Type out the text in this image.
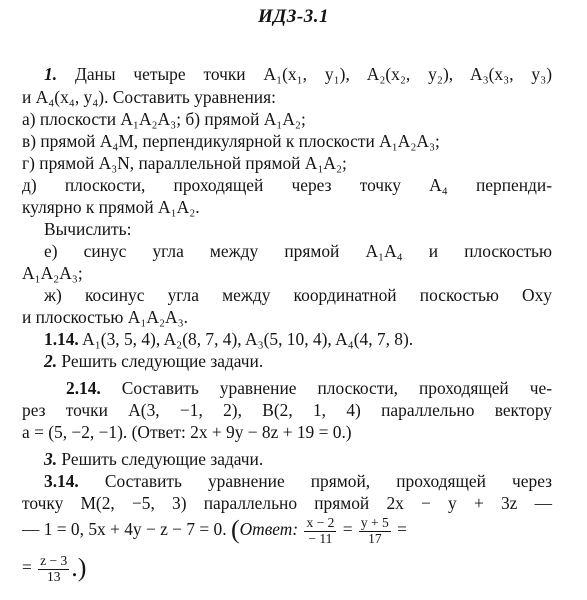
ИДЗ-3.1
1. Даны четыре точки A₁(x₁, y₁), A₂(x₂, y₂), A₃(x₃, y₃)
и A₄(x₄, y₄). Составить уравнения:
а) плоскости A₁A₂A₃; б) прямой A₁A₂;
в) прямой A₄M, перпендикулярной к плоскости A₁A₂A₃;
г) прямой A₃N, параллельной прямой A₁A₂;
д) плоскости, проходящей через точку A₄ перпенди-
кулярно к прямой A₁A₂.
Вычислить:
е) синус угла между прямой A₁A₄ и плоскостью
A₁A₂A₃;
ж) косинус угла между координатной поскостью Oxy
и плоскостью A₁A₂A₃.
1.14. A₁(3, 5, 4), A₂(8, 7, 4), A₃(5, 10, 4), A₄(4, 7, 8).
2. Решить следующие задачи.
2.14. Составить уравнение плоскости, проходящей че-
рез точки A(3, −1, 2), B(2, 1, 4) параллельно вектору
a = (5, −2, −1). (Ответ: 2x + 9y − 8z + 19 = 0.)
3. Решить следующие задачи.
3.14. Составить уравнение прямой, проходящей через
точку M(2, −5, 3) параллельно прямой 2x − y + 3z —
— 1 = 0, 5x + 4y − z − 7 = 0. (Ответ: $\frac{x - 2}{- 11} = \frac{y + 5}{17}$ =
= $\frac{z - 3}{13}$ .)
